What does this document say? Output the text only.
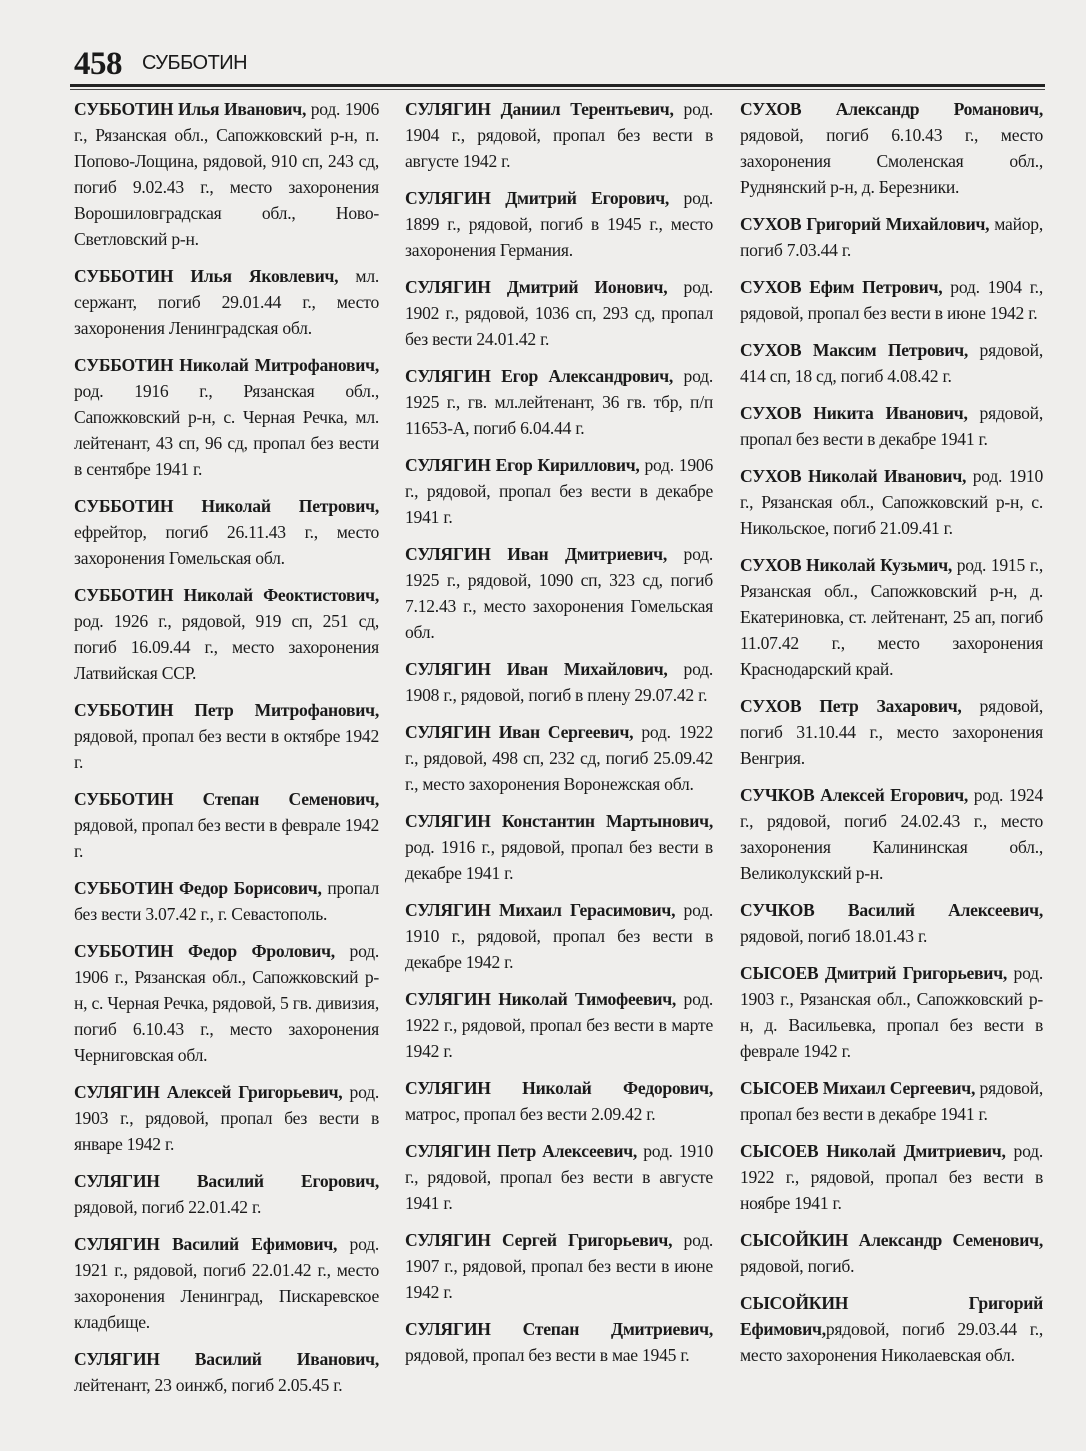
458 СУББОТИН

СУББОТИН Илья Иванович, род. 1906 г., Рязанская обл., Сапожковский р-н, п. Попово-Лощина, рядовой, 910 сп, 243 сд, погиб 9.02.43 г., место захоронения Ворошиловградская обл., Ново-Светловский р-н.

СУББОТИН Илья Яковлевич, мл. сержант, погиб 29.01.44 г., место захоронения Ленинградская обл.

СУББОТИН Николай Митрофанович, род. 1916 г., Рязанская обл., Сапожковский р-н, с. Черная Речка, мл. лейтенант, 43 сп, 96 сд, пропал без вести в сентябре 1941 г.

СУББОТИН Николай Петрович, ефрейтор, погиб 26.11.43 г., место захоронения Гомельская обл.

СУББОТИН Николай Феоктистович, род. 1926 г., рядовой, 919 сп, 251 сд, погиб 16.09.44 г., место захоронения Латвийская ССР.

СУББОТИН Петр Митрофанович, рядовой, пропал без вести в октябре 1942 г.

СУББОТИН Степан Семенович, рядовой, пропал без вести в феврале 1942 г.

СУББОТИН Федор Борисович, пропал без вести 3.07.42 г., г. Севастополь.

СУББОТИН Федор Фролович, род. 1906 г., Рязанская обл., Сапожковский р-н, с. Черная Речка, рядовой, 5 гв. дивизия, погиб 6.10.43 г., место захоронения Черниговская обл.

СУЛЯГИН Алексей Григорьевич, род. 1903 г., рядовой, пропал без вести в январе 1942 г.

СУЛЯГИН Василий Егорович, рядовой, погиб 22.01.42 г.

СУЛЯГИН Василий Ефимович, род. 1921 г., рядовой, погиб 22.01.42 г., место захоронения Ленинград, Пискаревское кладбище.

СУЛЯГИН Василий Иванович, лейтенант, 23 оинжб, погиб 2.05.45 г.

СУЛЯГИН Даниил Терентьевич, род. 1904 г., рядовой, пропал без вести в августе 1942 г.

СУЛЯГИН Дмитрий Егорович, род. 1899 г., рядовой, погиб в 1945 г., место захоронения Германия.

СУЛЯГИН Дмитрий Ионович, род. 1902 г., рядовой, 1036 сп, 293 сд, пропал без вести 24.01.42 г.

СУЛЯГИН Егор Александрович, род. 1925 г., гв. мл.лейтенант, 36 гв. тбр, п/п 11653-А, погиб 6.04.44 г.

СУЛЯГИН Егор Кириллович, род. 1906 г., рядовой, пропал без вести в декабре 1941 г.

СУЛЯГИН Иван Дмитриевич, род. 1925 г., рядовой, 1090 сп, 323 сд, погиб 7.12.43 г., место захоронения Гомельская обл.

СУЛЯГИН Иван Михайлович, род. 1908 г., рядовой, погиб в плену 29.07.42 г.

СУЛЯГИН Иван Сергеевич, род. 1922 г., рядовой, 498 сп, 232 сд, погиб 25.09.42 г., место захоронения Воронежская обл.

СУЛЯГИН Константин Мартынович, род. 1916 г., рядовой, пропал без вести в декабре 1941 г.

СУЛЯГИН Михаил Герасимович, род. 1910 г., рядовой, пропал без вести в декабре 1942 г.

СУЛЯГИН Николай Тимофеевич, род. 1922 г., рядовой, пропал без вести в марте 1942 г.

СУЛЯГИН Николай Федорович, матрос, пропал без вести 2.09.42 г.

СУЛЯГИН Петр Алексеевич, род. 1910 г., рядовой, пропал без вести в августе 1941 г.

СУЛЯГИН Сергей Григорьевич, род. 1907 г., рядовой, пропал без вести в июне 1942 г.

СУЛЯГИН Степан Дмитриевич, рядовой, пропал без вести в мае 1945 г.

СУХОВ Александр Романович, рядовой, погиб 6.10.43 г., место захоронения Смоленская обл., Руднянский р-н, д. Березники.

СУХОВ Григорий Михайлович, майор, погиб 7.03.44 г.

СУХОВ Ефим Петрович, род. 1904 г., рядовой, пропал без вести в июне 1942 г.

СУХОВ Максим Петрович, рядовой, 414 сп, 18 сд, погиб 4.08.42 г.

СУХОВ Никита Иванович, рядовой, пропал без вести в декабре 1941 г.

СУХОВ Николай Иванович, род. 1910 г., Рязанская обл., Сапожковский р-н, с. Никольское, погиб 21.09.41 г.

СУХОВ Николай Кузьмич, род. 1915 г., Рязанская обл., Сапожковский р-н, д. Екатериновка, ст. лейтенант, 25 ап, погиб 11.07.42 г., место захоронения Краснодарский край.

СУХОВ Петр Захарович, рядовой, погиб 31.10.44 г., место захоронения Венгрия.

СУЧКОВ Алексей Егорович, род. 1924 г., рядовой, погиб 24.02.43 г., место захоронения Калининская обл., Великолукский р-н.

СУЧКОВ Василий Алексеевич, рядовой, погиб 18.01.43 г.

СЫСОЕВ Дмитрий Григорьевич, род. 1903 г., Рязанская обл., Сапожковский р-н, д. Васильевка, пропал без вести в феврале 1942 г.

СЫСОЕВ Михаил Сергеевич, рядовой, пропал без вести в декабре 1941 г.

СЫСОЕВ Николай Дмитриевич, род. 1922 г., рядовой, пропал без вести в ноябре 1941 г.

СЫСОЙКИН Александр Семенович, рядовой, погиб.

СЫСОЙКИН Григорий Ефимович,рядовой, погиб 29.03.44 г., место захоронения Николаевская обл.
